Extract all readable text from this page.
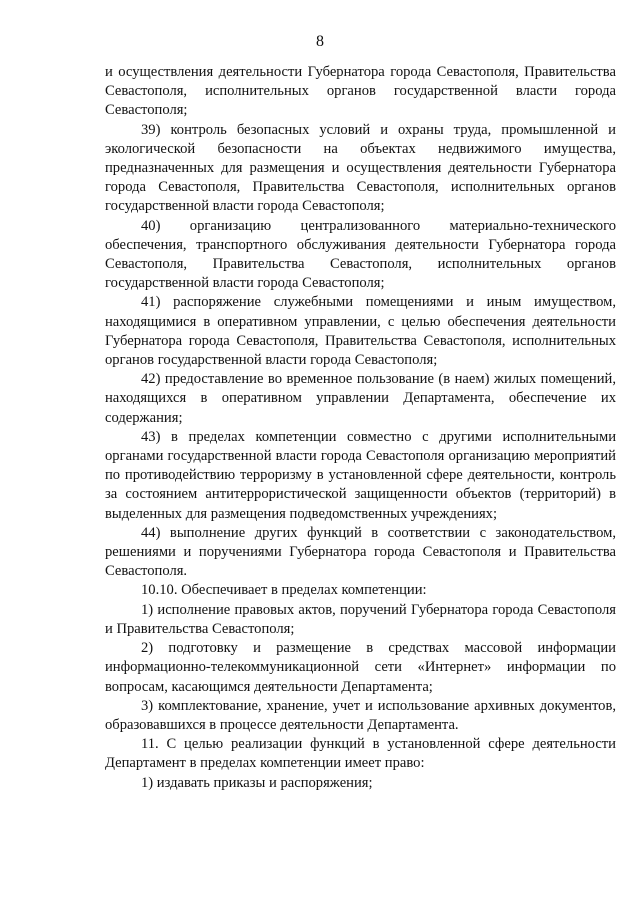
8

и осуществления деятельности Губернатора города Севастополя, Правительства Севастополя, исполнительных органов государственной власти города Севастополя;

39) контроль безопасных условий и охраны труда, промышленной и экологической безопасности на объектах недвижимого имущества, предназначенных для размещения и осуществления деятельности Губернатора города Севастополя, Правительства Севастополя, исполнительных органов государственной власти города Севастополя;

40) организацию централизованного материально-технического обеспечения, транспортного обслуживания деятельности Губернатора города Севастополя, Правительства Севастополя, исполнительных органов государственной власти города Севастополя;

41) распоряжение служебными помещениями и иным имуществом, находящимися в оперативном управлении, с целью обеспечения деятельности Губернатора города Севастополя, Правительства Севастополя, исполнительных органов государственной власти города Севастополя;

42) предоставление во временное пользование (в наем) жилых помещений, находящихся в оперативном управлении Департамента, обеспечение их содержания;

43) в пределах компетенции совместно с другими исполнительными органами государственной власти города Севастополя организацию мероприятий по противодействию терроризму в установленной сфере деятельности, контроль за состоянием антитеррористической защищенности объектов (территорий) в выделенных для размещения подведомственных учреждениях;

44) выполнение других функций в соответствии с законодательством, решениями и поручениями Губернатора города Севастополя и Правительства Севастополя.

10.10. Обеспечивает в пределах компетенции:

1) исполнение правовых актов, поручений Губернатора города Севастополя и Правительства Севастополя;

2) подготовку и размещение в средствах массовой информации информационно-телекоммуникационной сети «Интернет» информации по вопросам, касающимся деятельности Департамента;

3) комплектование, хранение, учет и использование архивных документов, образовавшихся в процессе деятельности Департамента.

11. С целью реализации функций в установленной сфере деятельности Департамент в пределах компетенции имеет право:

1) издавать приказы и распоряжения;
